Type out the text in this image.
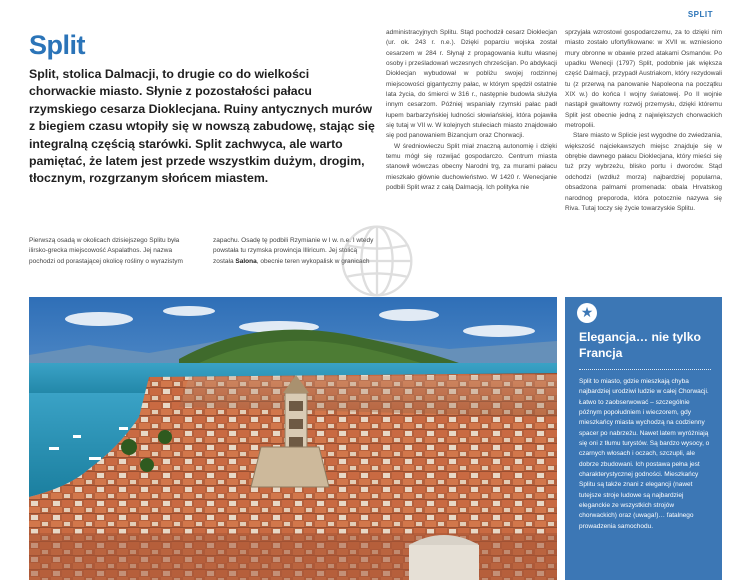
SPLIT
Split

Split, stolica Dalmacji, to drugie co do wielkości chorwackie miasto. Słynie z pozostałości pałacu rzymskiego cesarza Dioklecjana. Ruiny antycznych murów z biegiem czasu wtopiły się w nowszą zabudowę, stając się integralną częścią starówki. Split zachwyca, ale warto pamiętać, że latem jest przede wszystkim dużym, drogim, tłocznym, rozgrzanym słońcem miastem.

Pierwszą osadą w okolicach dzisiejszego Splitu była ilirsko-grecka miejscowość Aspalathos. Jej nazwa pochodzi od porastającej okolicę rośliny o wyrazistym

zapachu. Osadę tę podbili Rzymianie w I w. n.e. I wtedy powstała tu rzymska prowincja Illiricum. Jej stolicą została Salona, obecnie teren wykopalisk w granicach

administracyjnych Splitu. Stąd pochodził cesarz Dioklecjan (ur. ok. 243 r. n.e.). Dzięki poparciu wojska został cesarzem w 284 r. Słynął z propagowania kultu własnej osoby i prześladowań wczesnych chrześcijan. Po abdykacji Dioklecjan wybudował w pobliżu swojej rodzinnej miejscowości gigantyczny pałac, w którym spędził ostatnie lata życia, do śmierci w 316 r., następnie budowla służyła innym cesarzom. Później wspaniały rzymski pałac padł łupem barbarzyńskiej ludności słowiańskiej, która pojawiła się tutaj w VII w. W kolejnych stuleciach miasto znajdowało się pod panowaniem Bizancjum oraz Chorwacji.

W średniowieczu Split miał znaczną autonomię i dzięki temu mógł się rozwijać gospodarczo. Centrum miasta stanowił wówczas obecny Narodni trg, za murami pałacu mieszkało głównie duchowieństwo. W 1420 r. Wenecjanie podbili Split wraz z całą Dalmacją. Ich polityka nie

sprzyjała wzrostowi gospodarczemu, za to dzięki nim miasto zostało ufortyfikowane: w XVII w. wzniesiono mury obronne w obawie przed atakami Osmanów. Po upadku Wenecji (1797) Split, podobnie jak większa część Dalmacji, przypadł Austriakom, który rezydowali tu (z przerwą na panowanie Napoleona na początku XIX w.) do końca I wojny światowej. Po II wojnie nastąpił gwałtowny rozwój przemysłu, dzięki któremu Split jest obecnie jedną z największych chorwackich metropolii.

Stare miasto w Splicie jest wygodne do zwiedzania, większość najciekawszych miejsc znajduje się w obrębie dawnego pałacu Dioklecjana, który mieści się tuż przy wybrzeżu, blisko portu i dworców. Stąd odchodzi (wzdłuż morza) najbardziej popularna, obsadzona palmami promenada: obala Hrvatskog narodnog preporoda, która potocznie nazywa się Riva. Tutaj toczy się życie towarzyskie Splitu.

★
Elegancja… nie tylko Francja

Split to miasto, gdzie mieszkają chyba najbardziej urodziwi ludzie w całej Chorwacji. Łatwo to zaobserwować – szczególnie późnym popołudniem i wieczorem, gdy mieszkańcy miasta wychodzą na codzienny spacer po nabrzeżu. Nawet latem wyróżniają się oni z tłumu turystów. Są bardzo wysocy, o czarnych włosach i oczach, szczupli, ale dobrze zbudowani. Ich postawa pełna jest charakterystycznej godności. Mieszkańcy Splitu są także znani z elegancji (nawet tutejsze stroje ludowe są najbardziej eleganckie ze wszystkich strojów chorwackich) oraz (uwaga!)… fatalnego prowadzenia samochodu.
